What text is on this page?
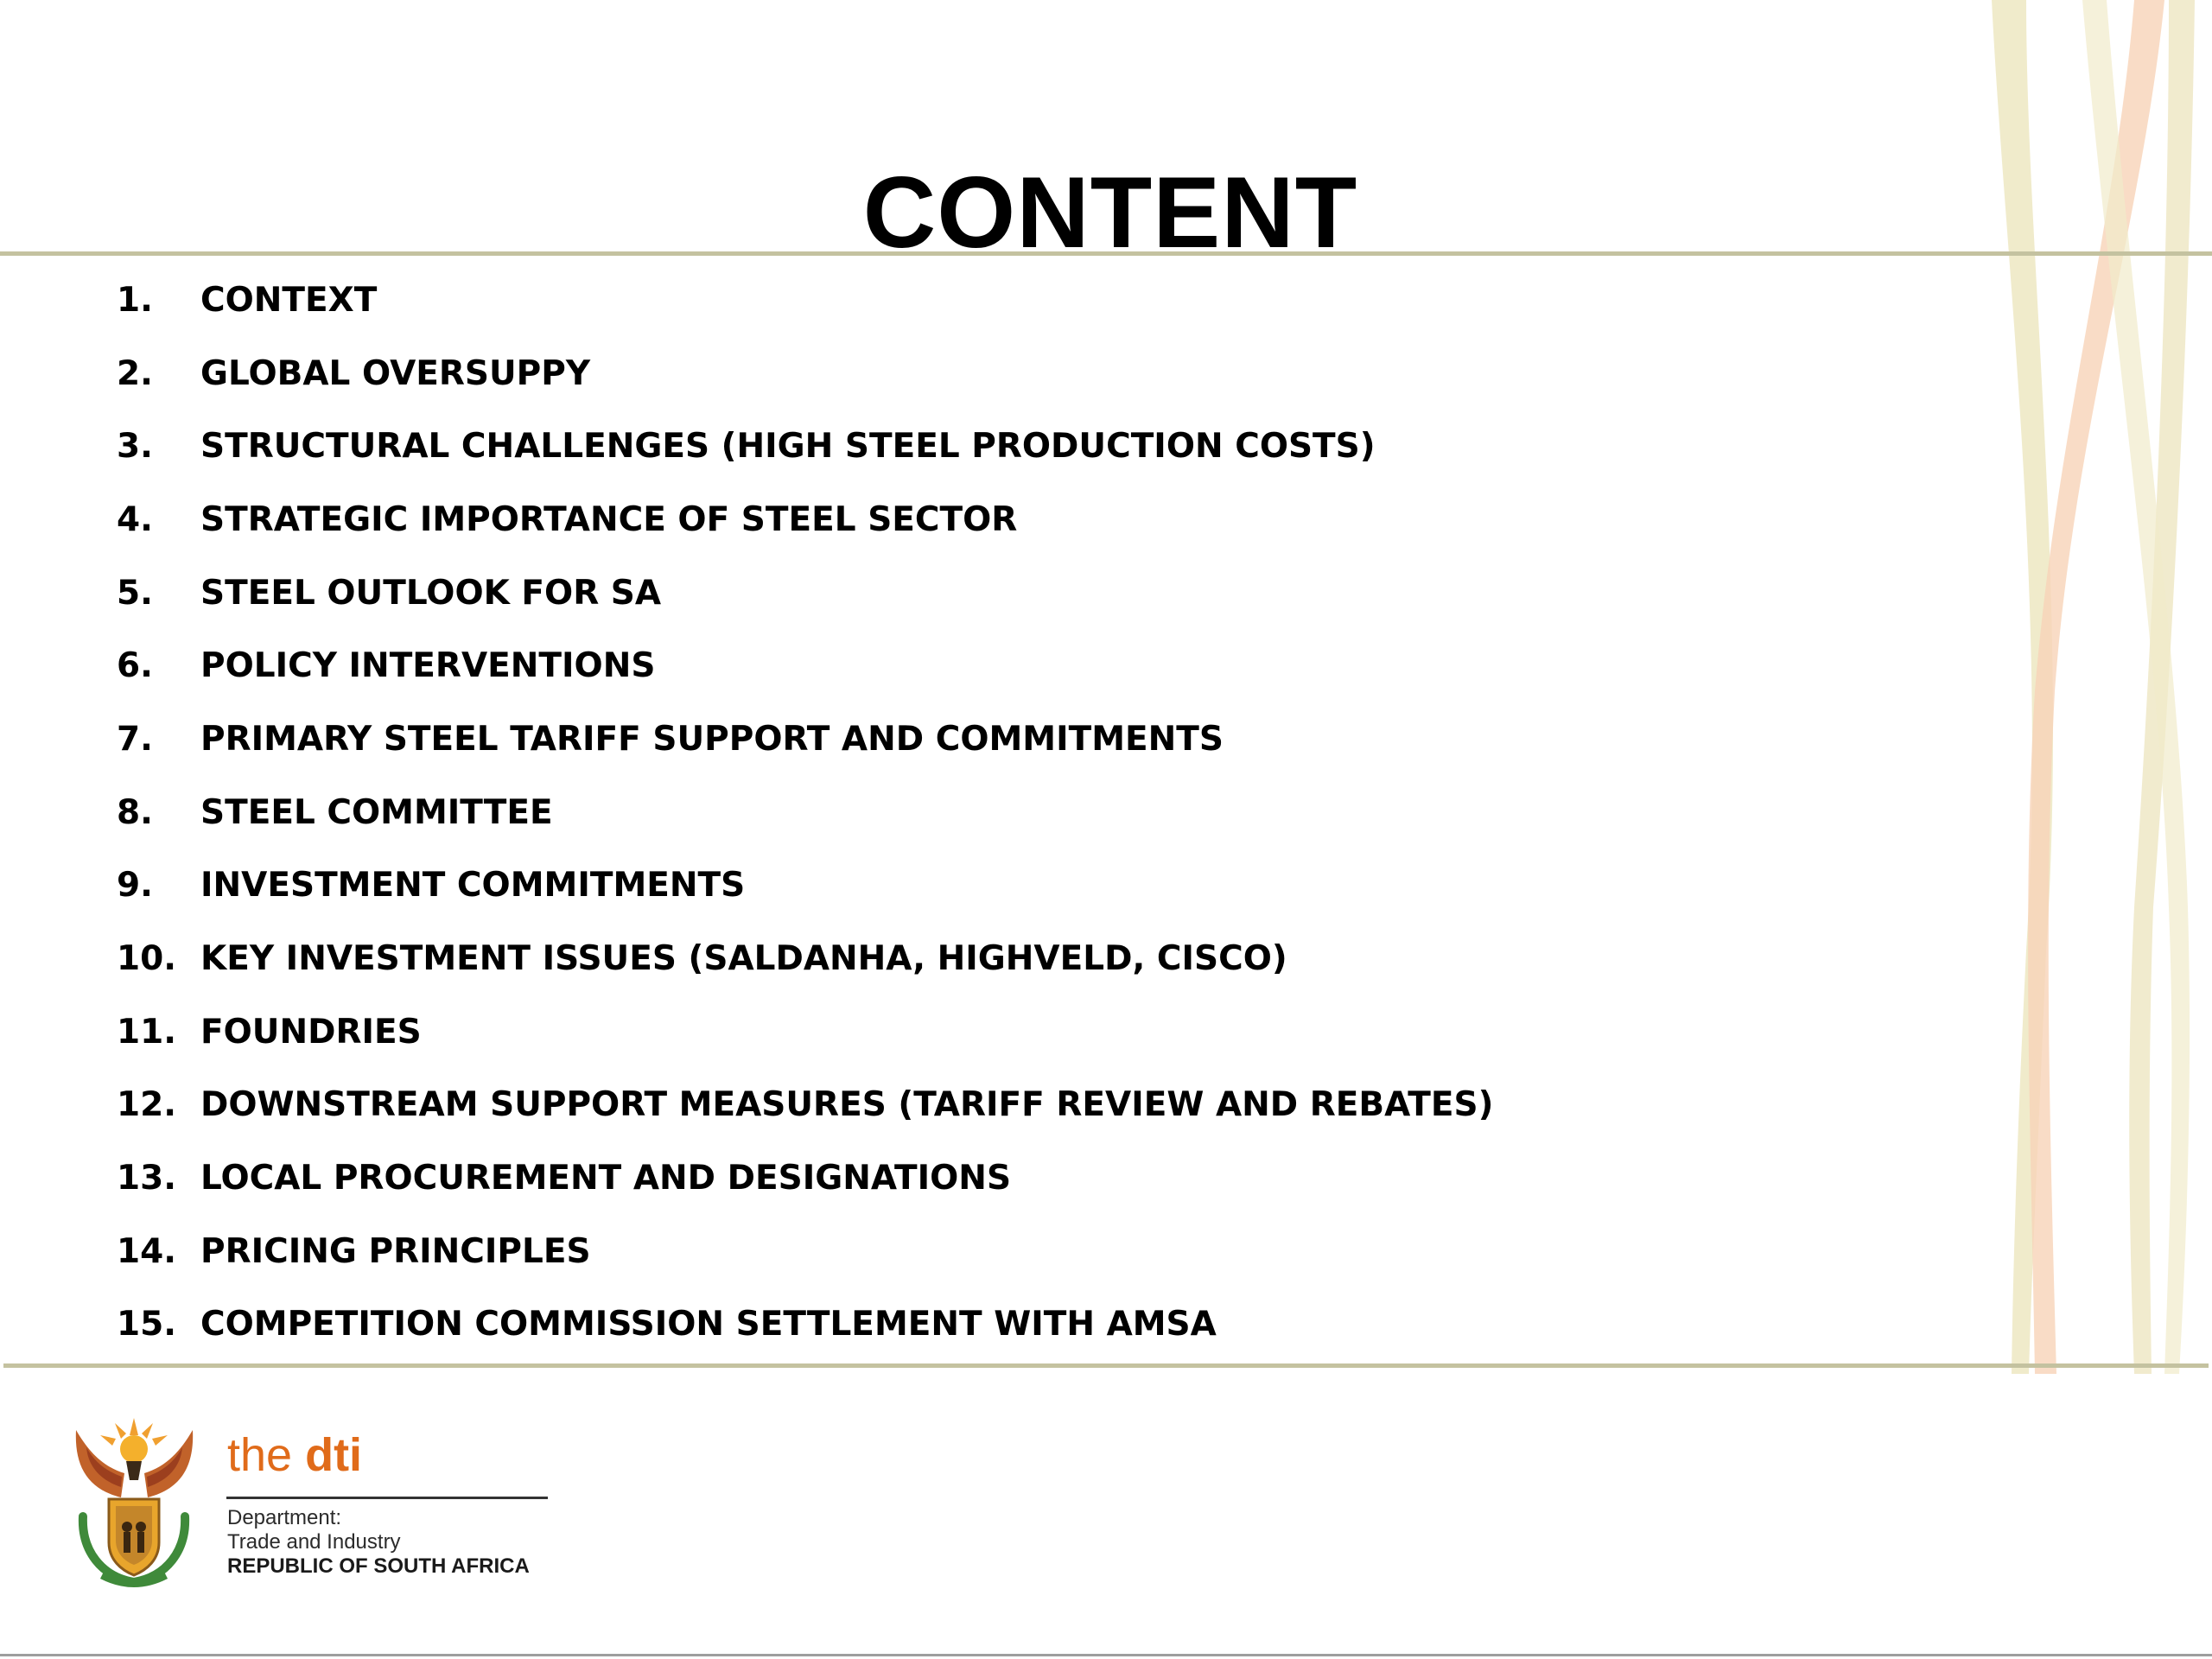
CONTENT
1.	CONTEXT
2.	GLOBAL OVERSUPPY
3.	STRUCTURAL CHALLENGES (HIGH STEEL PRODUCTION COSTS)
4.	STRATEGIC IMPORTANCE OF STEEL SECTOR
5.	STEEL OUTLOOK FOR SA
6.	POLICY INTERVENTIONS
7.	PRIMARY STEEL TARIFF SUPPORT AND COMMITMENTS
8.	STEEL COMMITTEE
9.	INVESTMENT COMMITMENTS
10. KEY INVESTMENT ISSUES (SALDANHA, HIGHVELD, CISCO)
11. FOUNDRIES
12. DOWNSTREAM SUPPORT MEASURES (TARIFF REVIEW AND REBATES)
13. LOCAL PROCUREMENT AND DESIGNATIONS
14. PRICING PRINCIPLES
15. COMPETITION COMMISSION SETTLEMENT WITH AMSA
the dti
Department:
Trade and Industry
REPUBLIC OF SOUTH AFRICA
